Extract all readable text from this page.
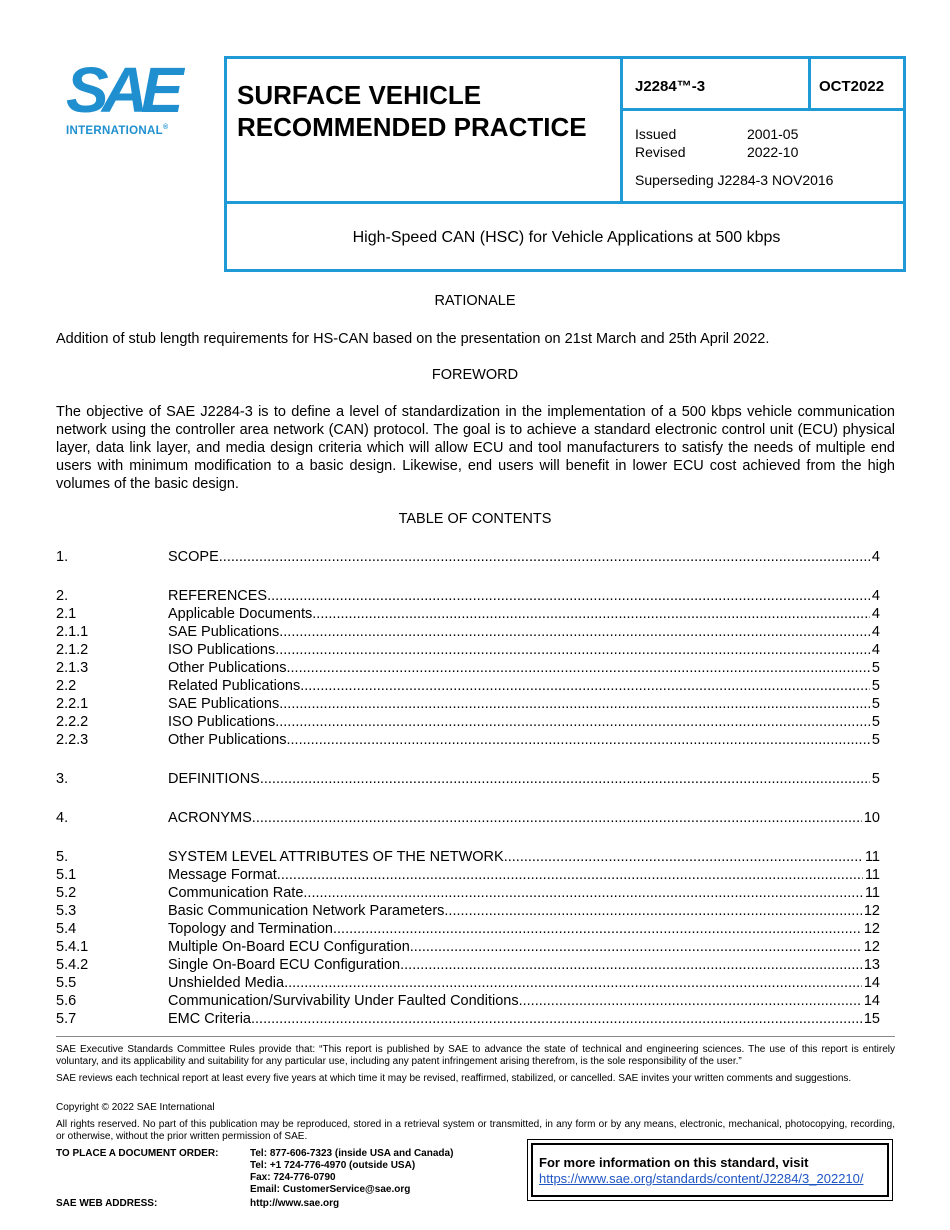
SAE
INTERNATIONAL®
SURFACE VEHICLE
RECOMMENDED PRACTICE
J2284™-3	OCT2022
Issued	2001-05
Revised	2022-10
Superseding J2284-3 NOV2016
High-Speed CAN (HSC) for Vehicle Applications at 500 kbps
RATIONALE
Addition of stub length requirements for HS-CAN based on the presentation on 21st March and 25th April 2022.
FOREWORD
The objective of SAE J2284-3 is to define a level of standardization in the implementation of a 500 kbps vehicle communication network using the controller area network (CAN) protocol. The goal is to achieve a standard electronic control unit (ECU) physical layer, data link layer, and media design criteria which will allow ECU and tool manufacturers to satisfy the needs of multiple end users with minimum modification to a basic design. Likewise, end users will benefit in lower ECU cost achieved from the high volumes of the basic design.
TABLE OF CONTENTS
1.	SCOPE .....	4
2.	REFERENCES .....	4
2.1	Applicable Documents .....	4
2.1.1	SAE Publications .....	4
2.1.2	ISO Publications .....	4
2.1.3	Other Publications .....	5
2.2	Related Publications .....	5
2.2.1	SAE Publications .....	5
2.2.2	ISO Publications .....	5
2.2.3	Other Publications .....	5
3.	DEFINITIONS .....	5
4.	ACRONYMS .....	10
5.	SYSTEM LEVEL ATTRIBUTES OF THE NETWORK .....	11
5.1	Message Format .....	11
5.2	Communication Rate .....	11
5.3	Basic Communication Network Parameters .....	12
5.4	Topology and Termination .....	12
5.4.1	Multiple On-Board ECU Configuration .....	12
5.4.2	Single On-Board ECU Configuration .....	13
5.5	Unshielded Media .....	14
5.6	Communication/Survivability Under Faulted Conditions .....	14
5.7	EMC Criteria .....	15
SAE Executive Standards Committee Rules provide that: “This report is published by SAE to advance the state of technical and engineering sciences. The use of this report is entirely voluntary, and its applicability and suitability for any particular use, including any patent infringement arising therefrom, is the sole responsibility of the user.”
SAE reviews each technical report at least every five years at which time it may be revised, reaffirmed, stabilized, or cancelled. SAE invites your written comments and suggestions.
Copyright © 2022 SAE International
All rights reserved. No part of this publication may be reproduced, stored in a retrieval system or transmitted, in any form or by any means, electronic, mechanical, photocopying, recording, or otherwise, without the prior written permission of SAE.
TO PLACE A DOCUMENT ORDER:	Tel: 877-606-7323 (inside USA and Canada)
Tel: +1 724-776-4970 (outside USA)
Fax: 724-776-0790
Email: CustomerService@sae.org
SAE WEB ADDRESS:	http://www.sae.org
For more information on this standard, visit
https://www.sae.org/standards/content/J2284/3_202210/
